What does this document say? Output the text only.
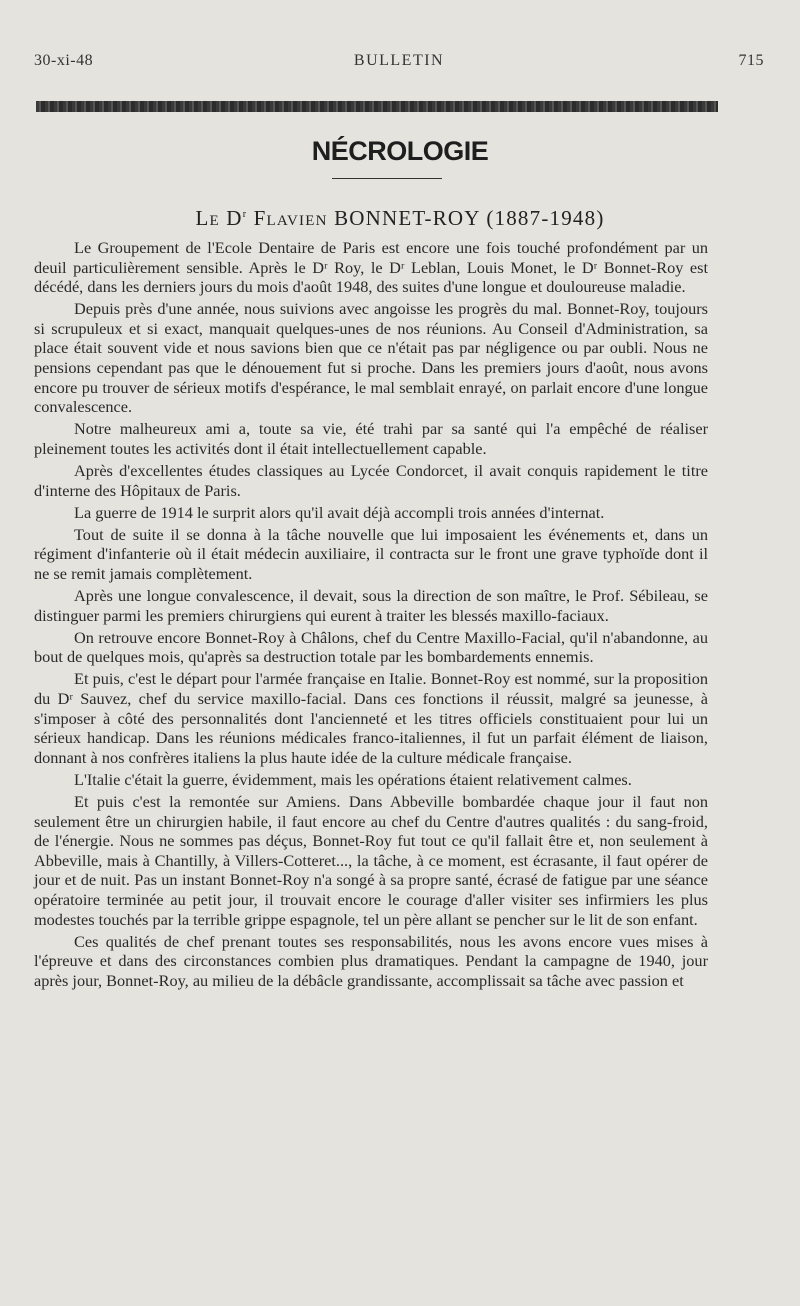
30-xi-48	BULLETIN	715
NÉCROLOGIE
Le $D^r$ Flavien BONNET-ROY (1887-1948)

Le Groupement de l'Ecole Dentaire de Paris est encore une fois touché profondément par un deuil particulièrement sensible. Après le Dʳ Roy, le Dʳ Leblan, Louis Monet, le Dʳ Bonnet-Roy est décédé, dans les derniers jours du mois d'août 1948, des suites d'une longue et douloureuse maladie.

Depuis près d'une année, nous suivions avec angoisse les progrès du mal. Bonnet-Roy, toujours si scrupuleux et si exact, manquait quelques-unes de nos réunions. Au Conseil d'Administration, sa place était souvent vide et nous savions bien que ce n'était pas par négligence ou par oubli. Nous ne pensions cependant pas que le dénouement fut si proche. Dans les premiers jours d'août, nous avons encore pu trouver de sérieux motifs d'espérance, le mal semblait enrayé, on parlait encore d'une longue convalescence.

Notre malheureux ami a, toute sa vie, été trahi par sa santé qui l'a empêché de réaliser pleinement toutes les activités dont il était intellectuellement capable.

Après d'excellentes études classiques au Lycée Condorcet, il avait conquis rapidement le titre d'interne des Hôpitaux de Paris.

La guerre de 1914 le surprit alors qu'il avait déjà accompli trois années d'internat.

Tout de suite il se donna à la tâche nouvelle que lui imposaient les événements et, dans un régiment d'infanterie où il était médecin auxiliaire, il contracta sur le front une grave typhoïde dont il ne se remit jamais complètement.

Après une longue convalescence, il devait, sous la direction de son maître, le Prof. Sébileau, se distinguer parmi les premiers chirurgiens qui eurent à traiter les blessés maxillo-faciaux.

On retrouve encore Bonnet-Roy à Châlons, chef du Centre Maxillo-Facial, qu'il n'abandonne, au bout de quelques mois, qu'après sa destruction totale par les bombardements ennemis.

Et puis, c'est le départ pour l'armée française en Italie. Bonnet-Roy est nommé, sur la proposition du Dʳ Sauvez, chef du service maxillo-facial. Dans ces fonctions il réussit, malgré sa jeunesse, à s'imposer à côté des personnalités dont l'ancienneté et les titres officiels constituaient pour lui un sérieux handicap. Dans les réunions médicales franco-italiennes, il fut un parfait élément de liaison, donnant à nos confrères italiens la plus haute idée de la culture médicale française.

L'Italie c'était la guerre, évidemment, mais les opérations étaient relativement calmes.

Et puis c'est la remontée sur Amiens. Dans Abbeville bombardée chaque jour il faut non seulement être un chirurgien habile, il faut encore au chef du Centre d'autres qualités : du sang-froid, de l'énergie. Nous ne sommes pas déçus, Bonnet-Roy fut tout ce qu'il fallait être et, non seulement à Abbeville, mais à Chantilly, à Villers-Cotteret..., la tâche, à ce moment, est écrasante, il faut opérer de jour et de nuit. Pas un instant Bonnet-Roy n'a songé à sa propre santé, écrasé de fatigue par une séance opératoire terminée au petit jour, il trouvait encore le courage d'aller visiter ses infirmiers les plus modestes touchés par la terrible grippe espagnole, tel un père allant se pencher sur le lit de son enfant.

Ces qualités de chef prenant toutes ses responsabilités, nous les avons encore vues mises à l'épreuve et dans des circonstances combien plus dramatiques. Pendant la campagne de 1940, jour après jour, Bonnet-Roy, au milieu de la débâcle grandissante, accomplissait sa tâche avec passion et
